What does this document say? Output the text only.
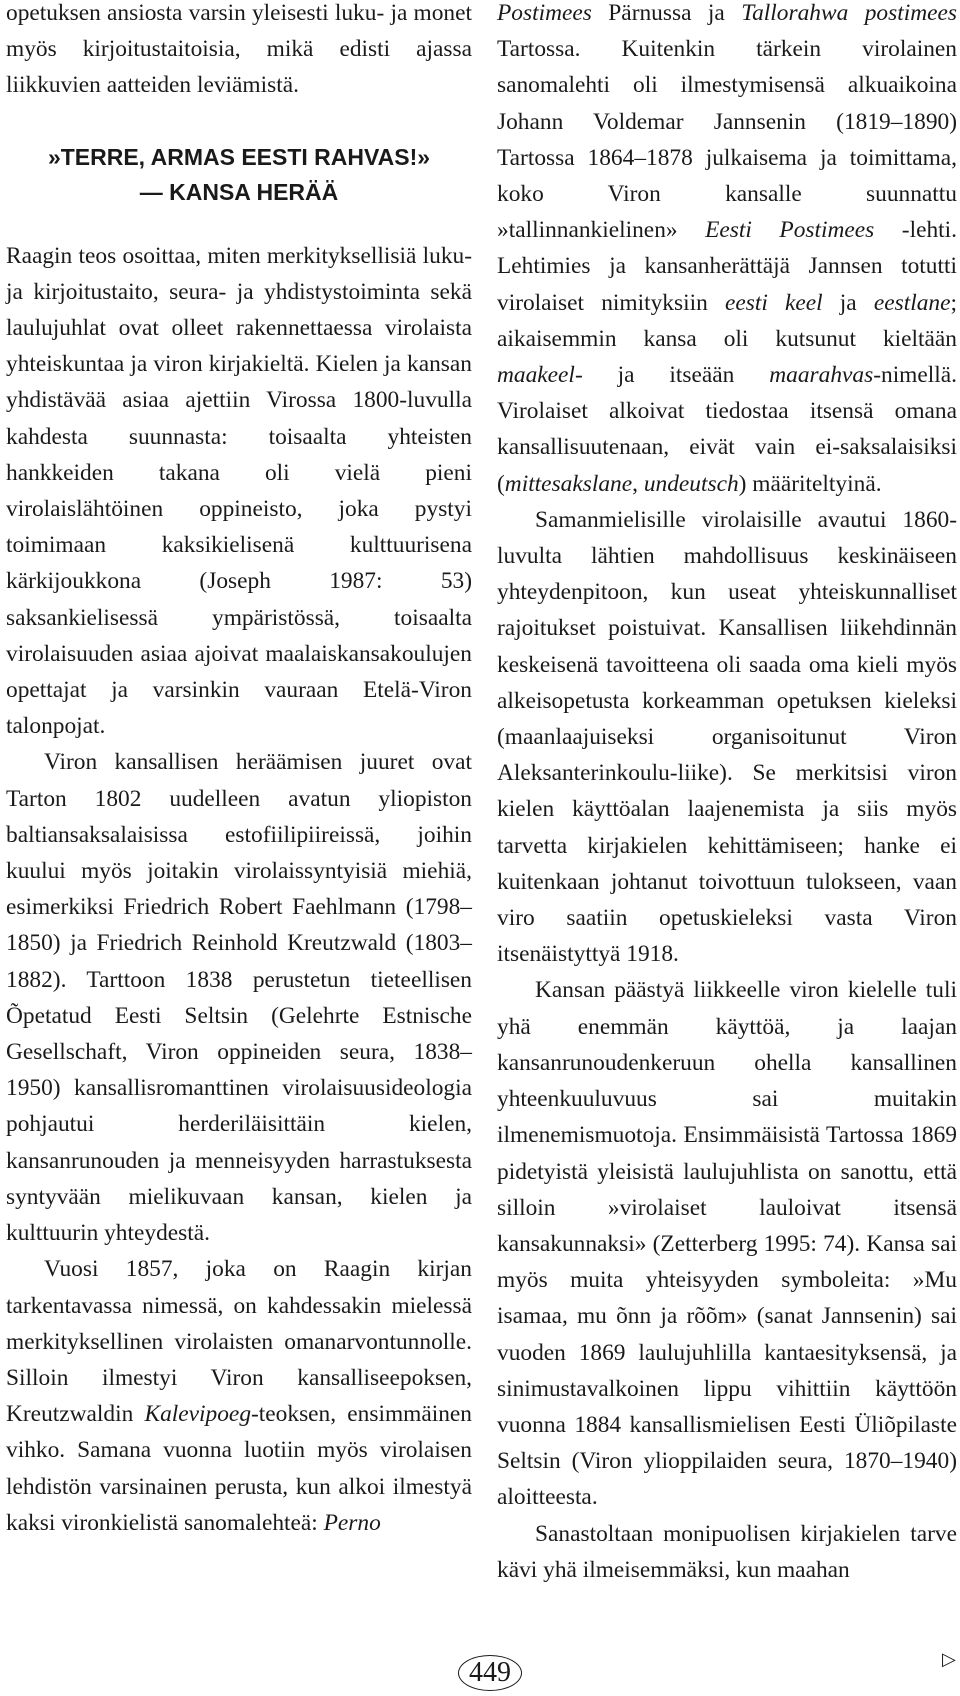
opetuksen ansiosta varsin yleisesti luku- ja monet myös kirjoitustaitoisia, mikä edisti ajassa liikkuvien aatteiden leviämistä.

»TERRE, ARMAS EESTI RAHVAS!»
— KANSA HERÄÄ

Raagin teos osoittaa, miten merkityksellisiä luku- ja kirjoitustaito, seura- ja yhdistystoiminta sekä laulujuhlat ovat olleet rakennettaessa virolaista yhteiskuntaa ja viron kirjakieltä. Kielen ja kansan yhdistävää asiaa ajettiin Virossa 1800-luvulla kahdesta suunnasta: toisaalta yhteisten hankkeiden takana oli vielä pieni virolaislähtöinen oppineisto, joka pystyi toimimaan kaksikielisenä kulttuurisena kärkijoukkona (Joseph 1987: 53) saksankielisessä ympäristössä, toisaalta virolaisuuden asiaa ajoivat maalaiskansakoulujen opettajat ja varsinkin vauraan Etelä-Viron talonpojat.

Viron kansallisen heräämisen juuret ovat Tarton 1802 uudelleen avatun yliopiston baltiansaksalaisissa estofiilipiireissä, joihin kuului myös joitakin virolaissyntyisiä miehiä, esimerkiksi Friedrich Robert Faehlmann (1798–1850) ja Friedrich Reinhold Kreutzwald (1803–1882). Tarttoon 1838 perustetun tieteellisen Õpetatud Eesti Seltsin (Gelehrte Estnische Gesellschaft, Viron oppineiden seura, 1838–1950) kansallisromanttinen virolaisuusideologia pohjautui herderiläisittäin kielen, kansanrunouden ja menneisyyden harrastuksesta syntyvään mielikuvaan kansan, kielen ja kulttuurin yhteydestä.

Vuosi 1857, joka on Raagin kirjan tarkentavassa nimessä, on kahdessakin mielessä merkityksellinen virolaisten omanarvontunnolle. Silloin ilmestyi Viron kansalliseepoksen, Kreutzwaldin Kalevipoeg-teoksen, ensimmäinen vihko. Samana vuonna luotiin myös virolaisen lehdistön varsinainen perusta, kun alkoi ilmestyä kaksi vironkielistä sanomalehteä: Perno

Postimees Pärnussa ja Tallorahwa postimees Tartossa. Kuitenkin tärkein virolainen sanomalehti oli ilmestymisensä alkuaikoina Johann Voldemar Jannsenin (1819–1890) Tartossa 1864–1878 julkaisema ja toimittama, koko Viron kansalle suunnattu »tallinnankielinen» Eesti Postimees -lehti. Lehtimies ja kansanherättäjä Jannsen totutti virolaiset nimityksiin eesti keel ja eestlane; aikaisemmin kansa oli kutsunut kieltään maakeel- ja itseään maarahvas-nimellä. Virolaiset alkoivat tiedostaa itsensä omana kansallisuutenaan, eivät vain ei-saksalaisiksi (mittesakslane, undeutsch) määriteltyinä.

Samanmielisille virolaisille avautui 1860-luvulta lähtien mahdollisuus keskinäiseen yhteydenpitoon, kun useat yhteiskunnalliset rajoitukset poistuivat. Kansallisen liikehdinnän keskeisenä tavoitteena oli saada oma kieli myös alkeisopetusta korkeamman opetuksen kieleksi (maanlaajuiseksi organisoitunut Viron Aleksanterinkoulu-liike). Se merkitsisi viron kielen käyttöalan laajenemista ja siis myös tarvetta kirjakielen kehittämiseen; hanke ei kuitenkaan johtanut toivottuun tulokseen, vaan viro saatiin opetuskieleksi vasta Viron itsenäistyttyä 1918.

Kansan päästyä liikkeelle viron kielelle tuli yhä enemmän käyttöä, ja laajan kansanrunoudenkeruun ohella kansallinen yhteenkuuluvuus sai muitakin ilmenemismuotoja. Ensimmäisistä Tartossa 1869 pidetyistä yleisistä laulujuhlista on sanottu, että silloin »virolaiset lauloivat itsensä kansakunnaksi» (Zetterberg 1995: 74). Kansa sai myös muita yhteisyyden symboleita: »Mu isamaa, mu õnn ja rõõm» (sanat Jannsenin) sai vuoden 1869 laulujuhlilla kantaesityksensä, ja sinimustavalkoinen lippu vihittiin käyttöön vuonna 1884 kansallismielisen Eesti Üliõpilaste Seltsin (Viron ylioppilaiden seura, 1870–1940) aloitteesta.

Sanastoltaan monipuolisen kirjakielen tarve kävi yhä ilmeisemmäksi, kun maahan

▷
449
